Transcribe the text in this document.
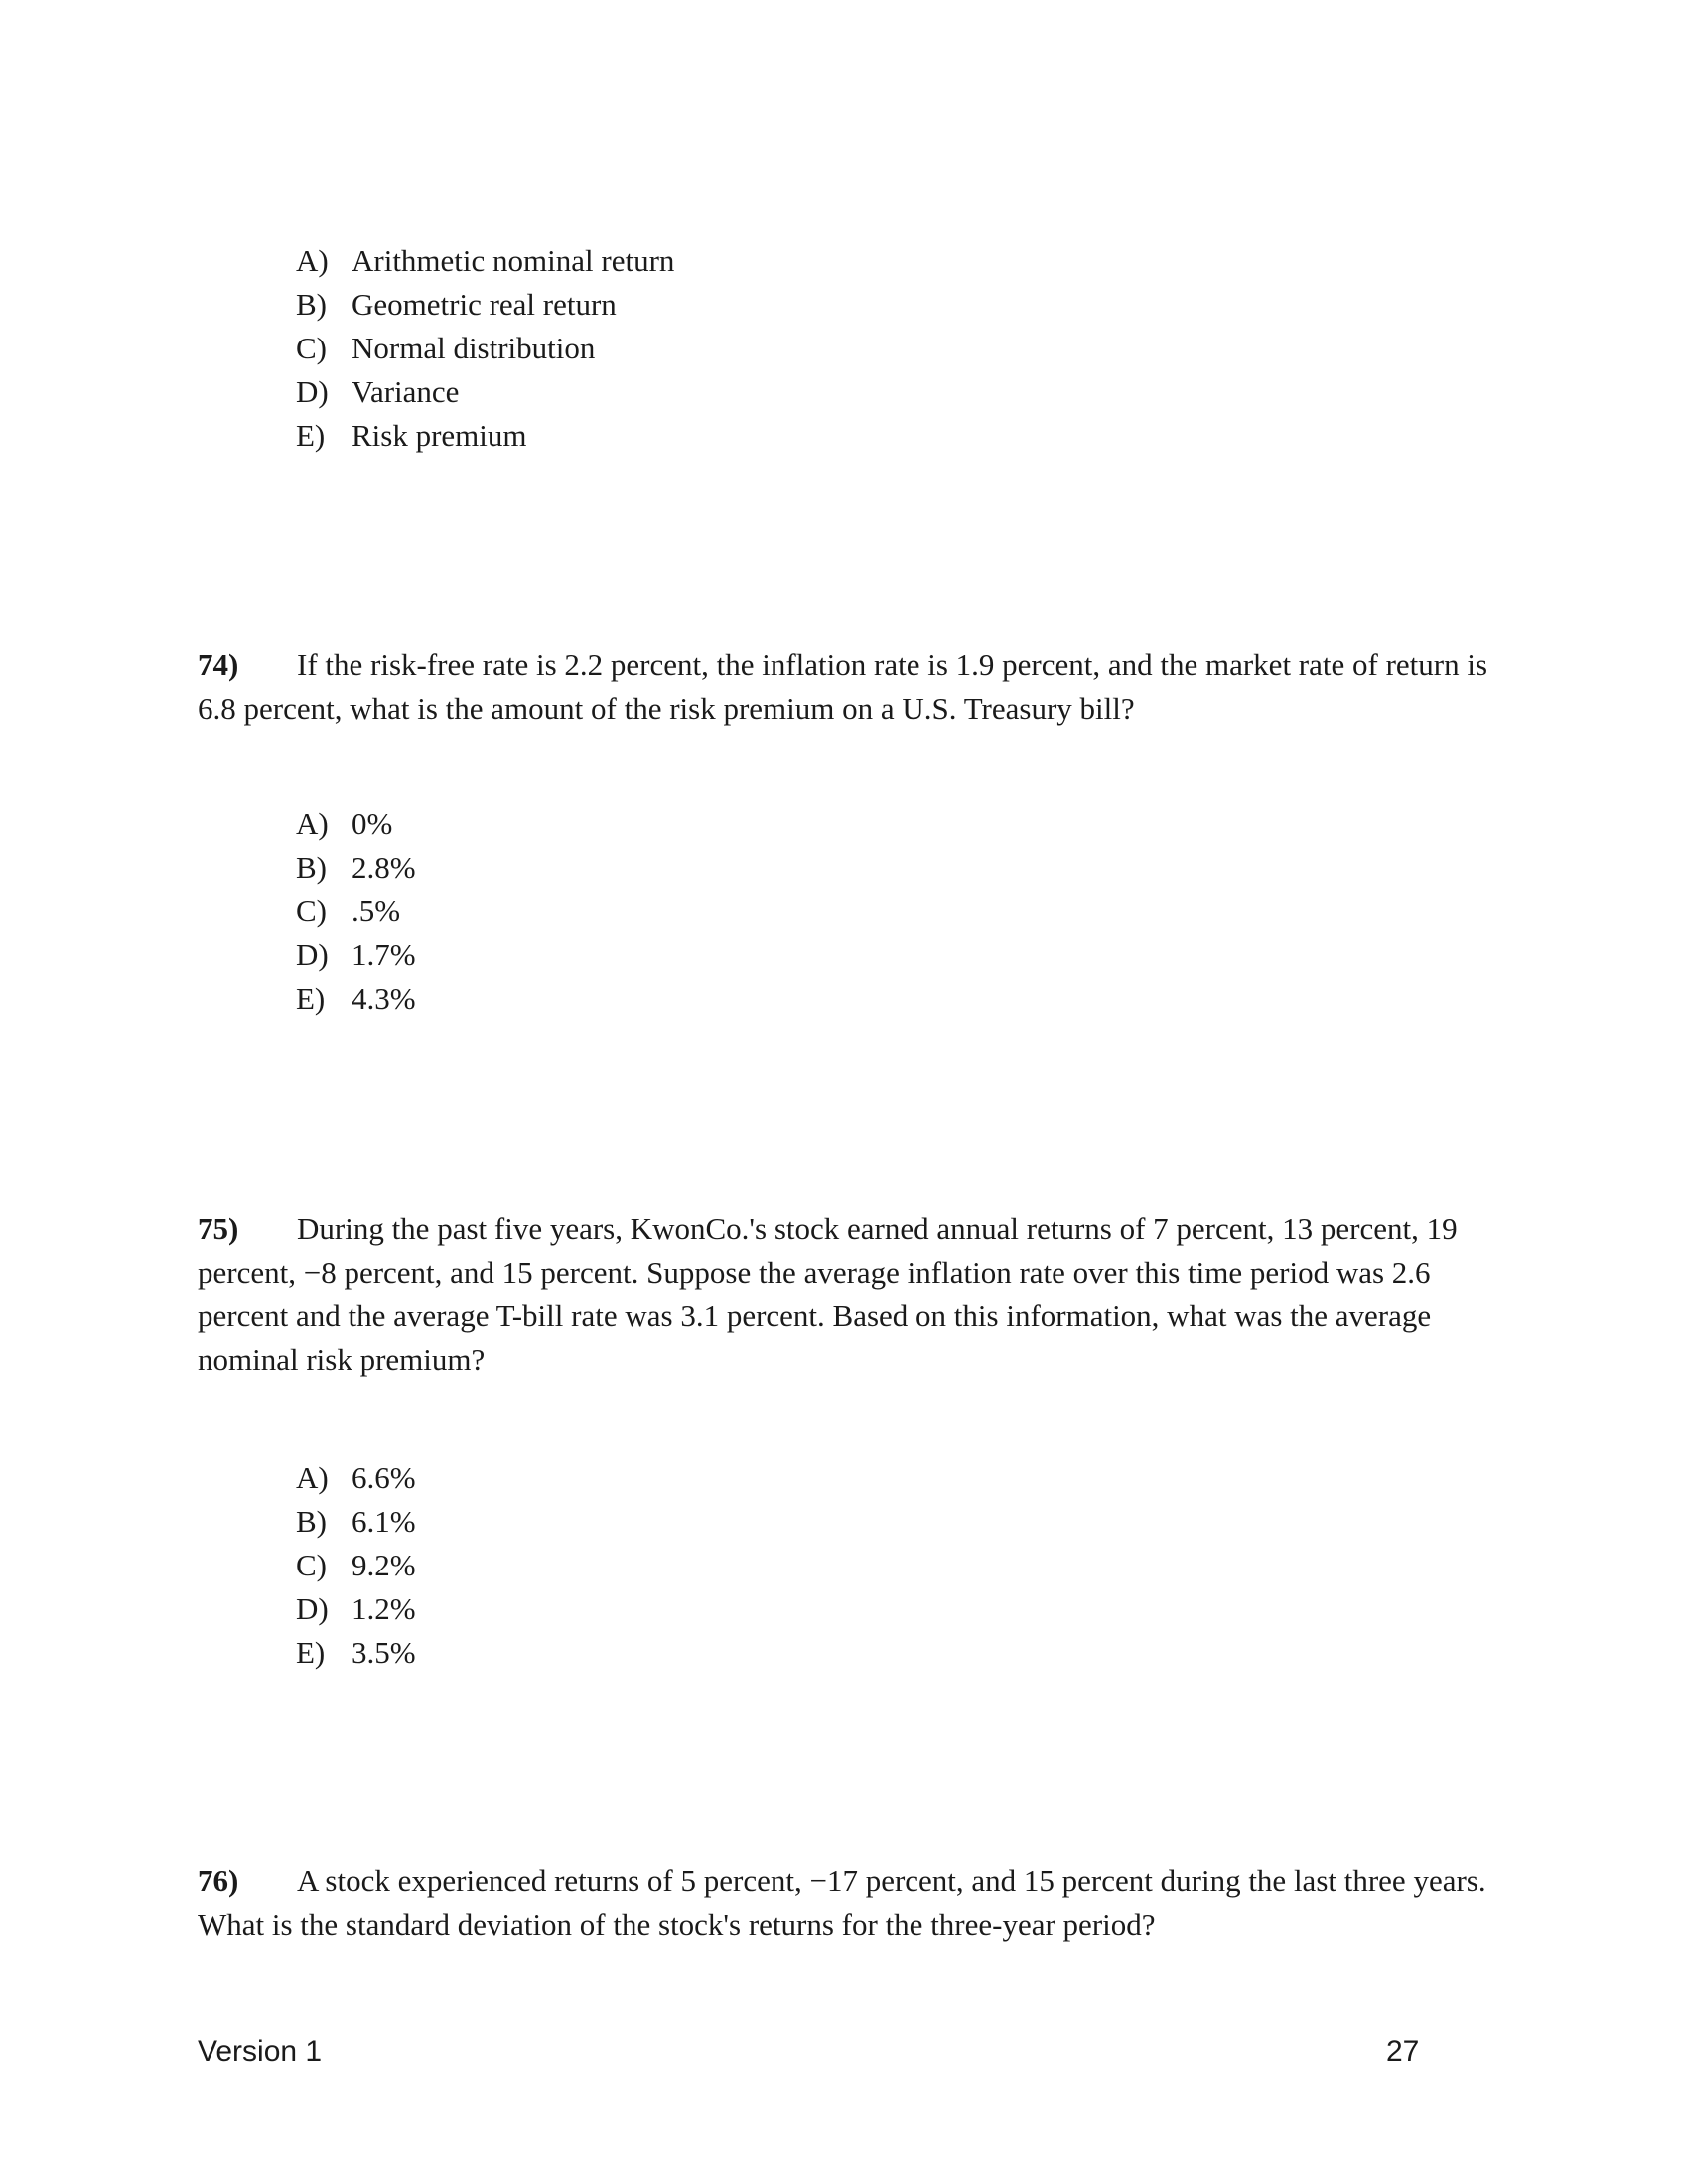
A) Arithmetic nominal return
B) Geometric real return
C) Normal distribution
D) Variance
E) Risk premium
74) If the risk-free rate is 2.2 percent, the inflation rate is 1.9 percent, and the market rate of return is 6.8 percent, what is the amount of the risk premium on a U.S. Treasury bill?
A) 0%
B) 2.8%
C) .5%
D) 1.7%
E) 4.3%
75) During the past five years, KwonCo.'s stock earned annual returns of 7 percent, 13 percent, 19 percent, −8 percent, and 15 percent. Suppose the average inflation rate over this time period was 2.6 percent and the average T-bill rate was 3.1 percent. Based on this information, what was the average nominal risk premium?
A) 6.6%
B) 6.1%
C) 9.2%
D) 1.2%
E) 3.5%
76) A stock experienced returns of 5 percent, −17 percent, and 15 percent during the last three years. What is the standard deviation of the stock's returns for the three-year period?
Version 1	27
